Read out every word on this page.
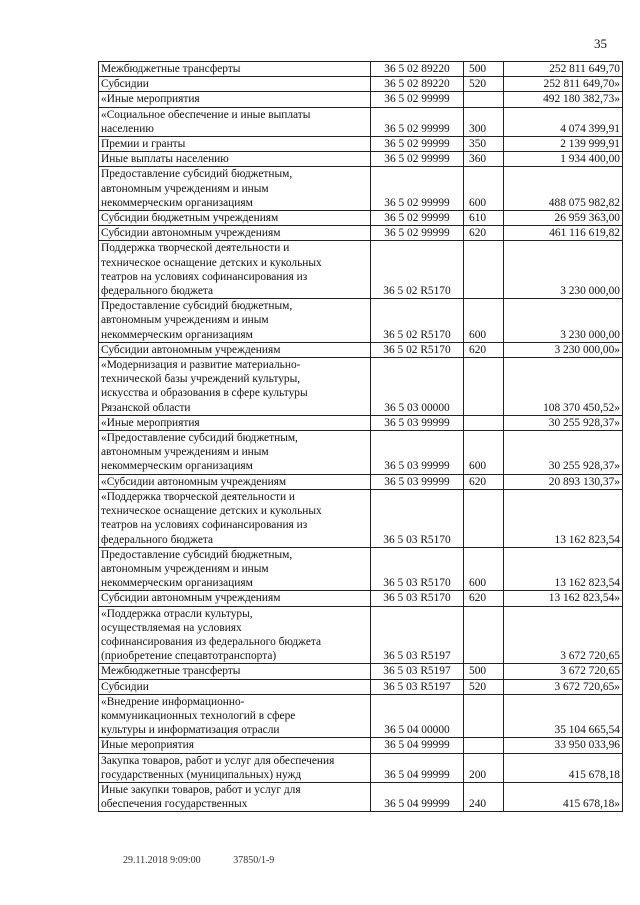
35
Межбюджетные трансферты	36 5 02 89220	500	252 811 649,70
Субсидии	36 5 02 89220	520	252 811 649,70»
«Иные мероприятия	36 5 02 99999		492 180 382,73»
«Социальное обеспечение и иные выплаты
населению	36 5 02 99999	300	4 074 399,91
Премии и гранты	36 5 02 99999	350	2 139 999,91
Иные выплаты населению	36 5 02 99999	360	1 934 400,00
Предоставление субсидий бюджетным,
автономным учреждениям и иным
некоммерческим организациям	36 5 02 99999	600	488 075 982,82
Субсидии бюджетным учреждениям	36 5 02 99999	610	26 959 363,00
Субсидии автономным учреждениям	36 5 02 99999	620	461 116 619,82
Поддержка творческой деятельности и
техническое оснащение детских и кукольных
театров на условиях софинансирования из
федерального бюджета	36 5 02 R5170		3 230 000,00
Предоставление субсидий бюджетным,
автономным учреждениям и иным
некоммерческим организациям	36 5 02 R5170	600	3 230 000,00
Субсидии автономным учреждениям	36 5 02 R5170	620	3 230 000,00»
«Модернизация и развитие материально-
технической базы учреждений культуры,
искусства и образования в сфере культуры
Рязанской области	36 5 03 00000		108 370 450,52»
«Иные мероприятия	36 5 03 99999		30 255 928,37»
«Предоставление субсидий бюджетным,
автономным учреждениям и иным
некоммерческим организациям	36 5 03 99999	600	30 255 928,37»
«Субсидии автономным учреждениям	36 5 03 99999	620	20 893 130,37»
«Поддержка творческой деятельности и
техническое оснащение детских и кукольных
театров на условиях софинансирования из
федерального бюджета	36 5 03 R5170		13 162 823,54
Предоставление субсидий бюджетным,
автономным учреждениям и иным
некоммерческим организациям	36 5 03 R5170	600	13 162 823,54
Субсидии автономным учреждениям	36 5 03 R5170	620	13 162 823,54»
«Поддержка отрасли культуры,
осуществляемая на условиях
софинансирования из федерального бюджета
(приобретение спецавтотранспорта)	36 5 03 R5197		3 672 720,65
Межбюджетные трансферты	36 5 03 R5197	500	3 672 720,65
Субсидии	36 5 03 R5197	520	3 672 720,65»
«Внедрение информационно-
коммуникационных технологий в сфере
культуры и информатизация отрасли	36 5 04 00000		35 104 665,54
Иные мероприятия	36 5 04 99999		33 950 033,96
Закупка товаров, работ и услуг для обеспечения
государственных (муниципальных) нужд	36 5 04 99999	200	415 678,18
Иные закупки товаров, работ и услуг для
обеспечения государственных	36 5 04 99999	240	415 678,18»
29.11.2018 9:09:00	37850/1-9
